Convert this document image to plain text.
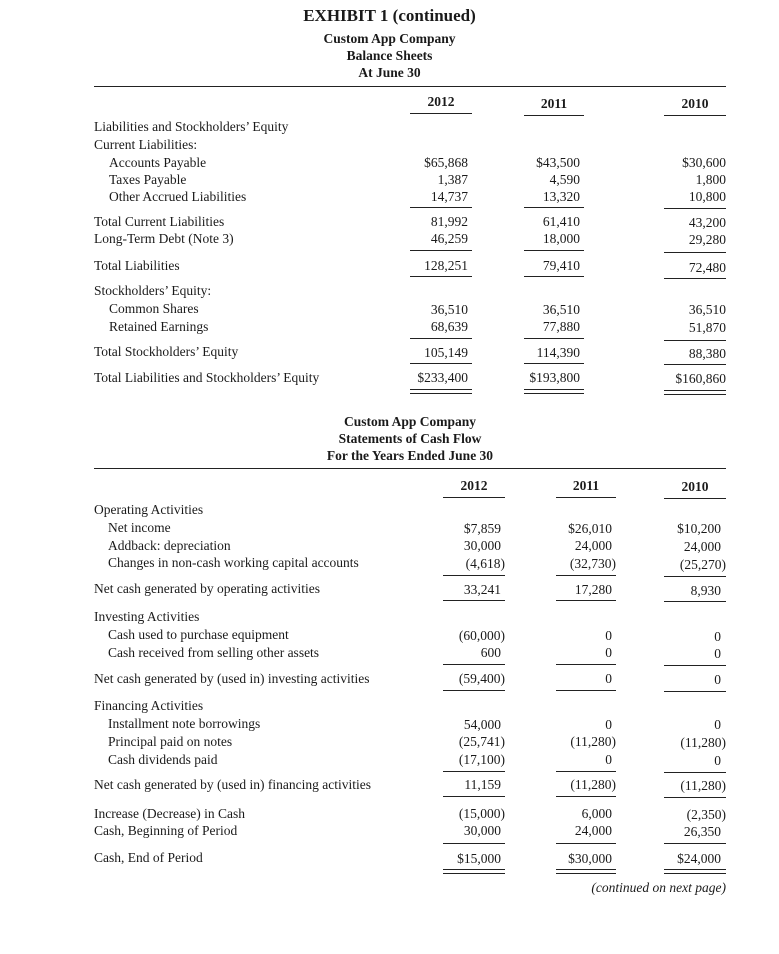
EXHIBIT 1 (continued)
Custom App Company
Balance Sheets
At June 30
2012	2011	2010
Liabilities and Stockholders’ Equity
Current Liabilities:
Accounts Payable	$65,868	$43,500	$30,600
Taxes Payable	1,387	4,590	1,800
Other Accrued Liabilities	14,737	13,320	10,800
Total Current Liabilities	81,992	61,410	43,200
Long-Term Debt (Note 3)	46,259	18,000	29,280
Total Liabilities	128,251	79,410	72,480
Stockholders’ Equity:
Common Shares	36,510	36,510	36,510
Retained Earnings	68,639	77,880	51,870
Total Stockholders’ Equity	105,149	114,390	88,380
Total Liabilities and Stockholders’ Equity	$233,400	$193,800	$160,860
Custom App Company
Statements of Cash Flow
For the Years Ended June 30
2012	2011	2010
Operating Activities
Net income	$7,859	$26,010	$10,200
Addback: depreciation	30,000	24,000	24,000
Changes in non-cash working capital accounts	(4,618)	(32,730)	(25,270)
Net cash generated by operating activities	33,241	17,280	8,930
Investing Activities
Cash used to purchase equipment	(60,000)	0	0
Cash received from selling other assets	600	0	0
Net cash generated by (used in) investing activities	(59,400)	0	0
Financing Activities
Installment note borrowings	54,000	0	0
Principal paid on notes	(25,741)	(11,280)	(11,280)
Cash dividends paid	(17,100)	0	0
Net cash generated by (used in) financing activities	11,159	(11,280)	(11,280)
Increase (Decrease) in Cash	(15,000)	6,000	(2,350)
Cash, Beginning of Period	30,000	24,000	26,350
Cash, End of Period	$15,000	$30,000	$24,000
(continued on next page)
